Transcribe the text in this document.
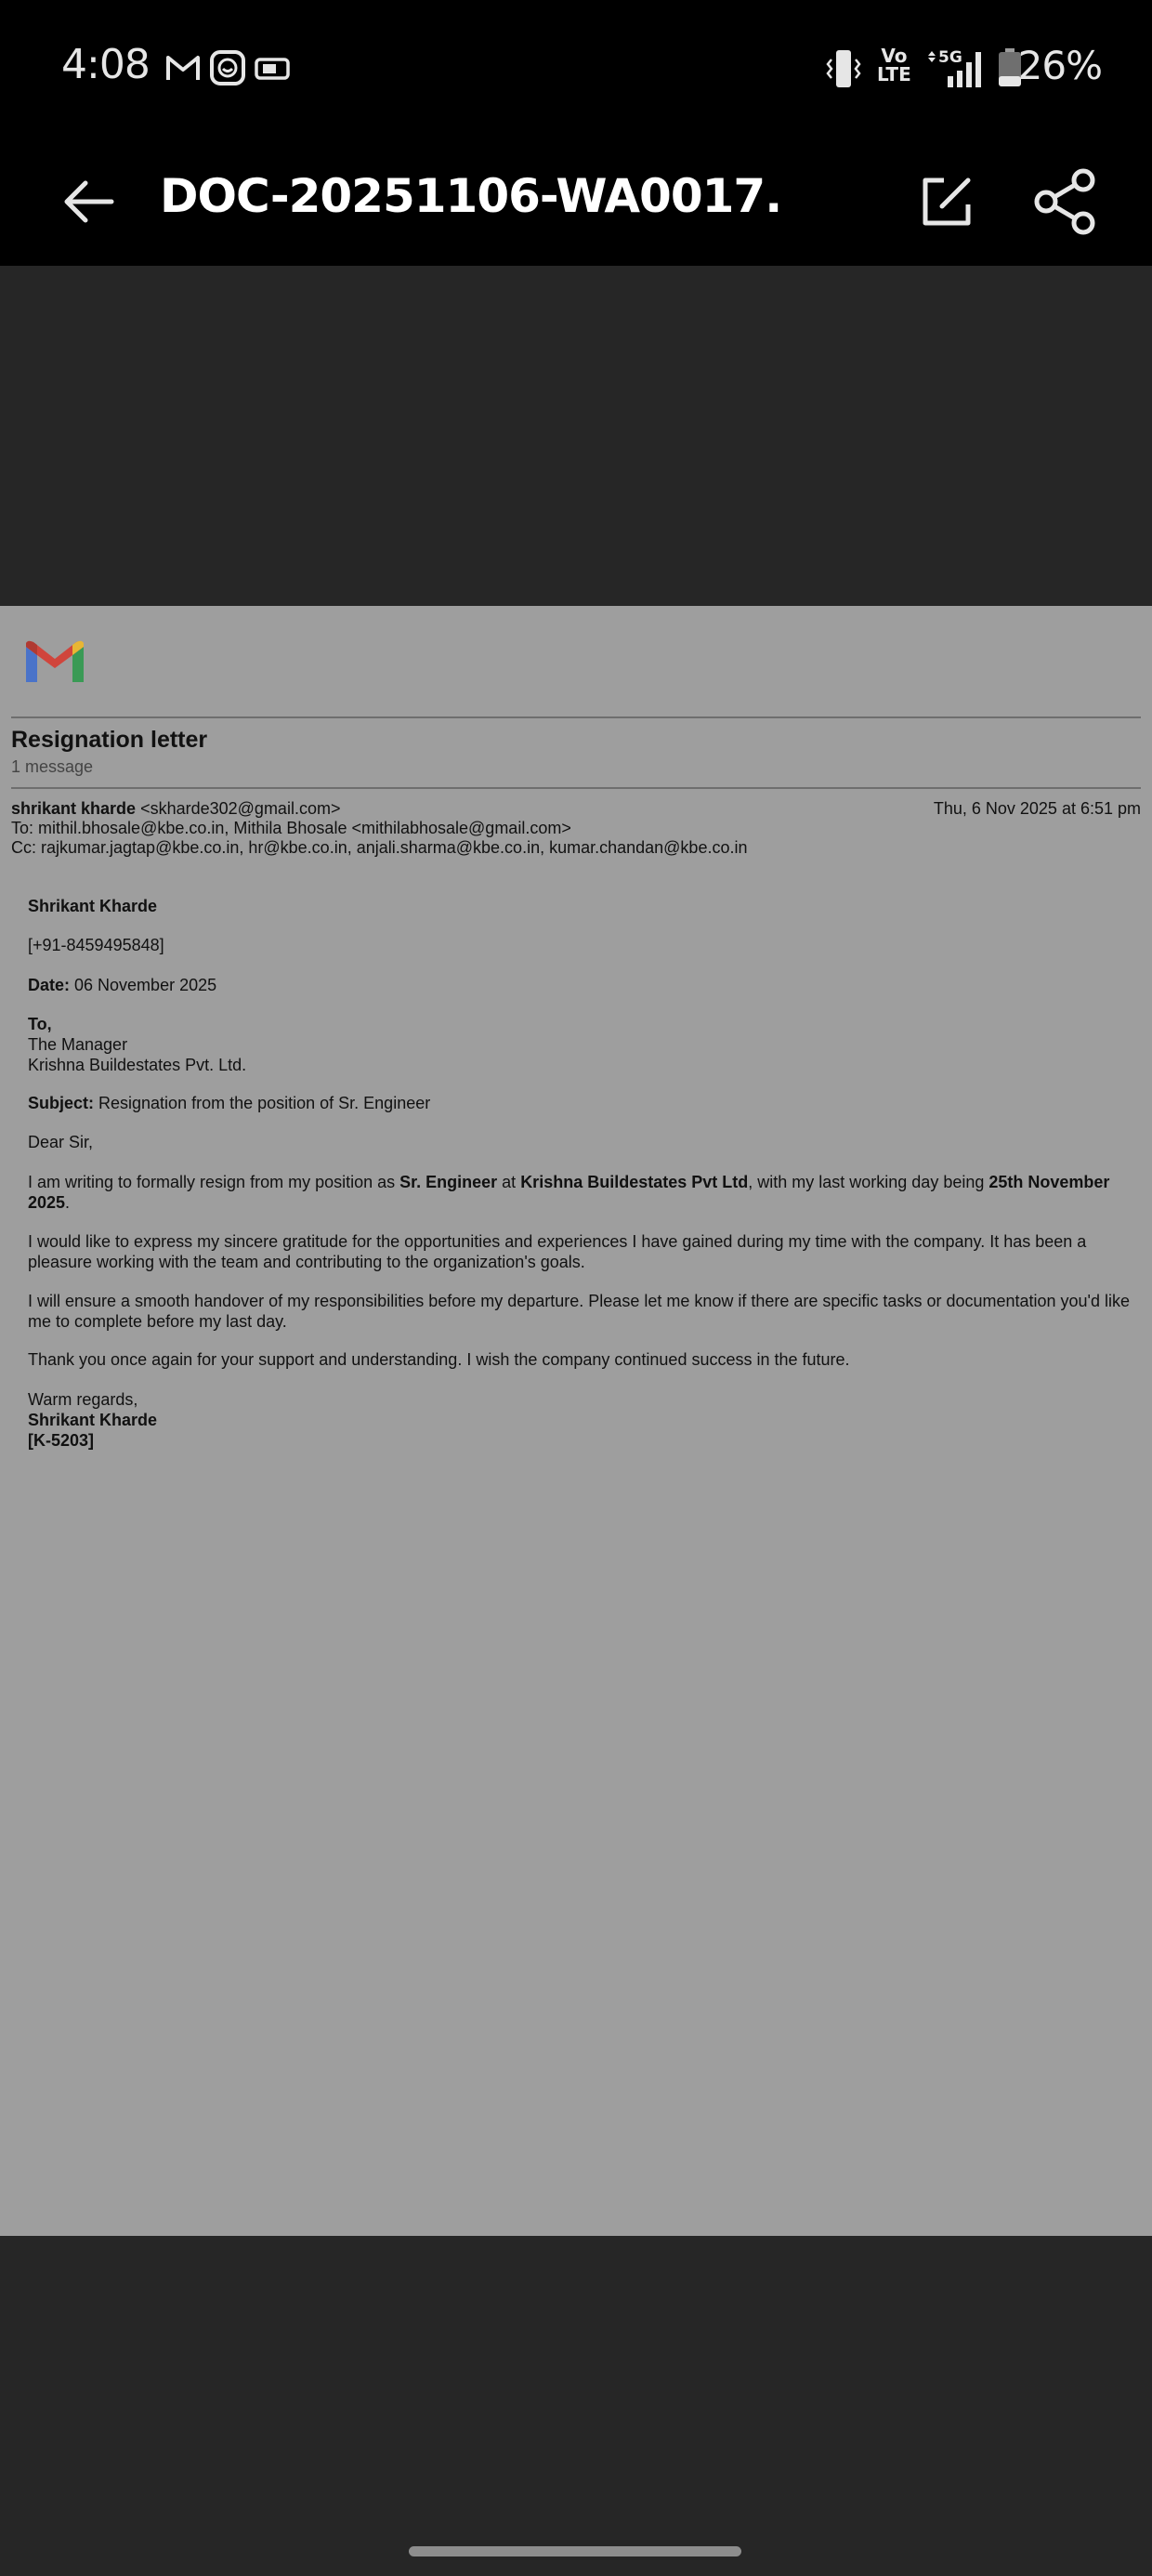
4:08	Vo
LTE
5G 26%
DOC-20251106-WA0017.
Resignation letter
1 message
shrikant kharde <skharde302@gmail.com>	Thu, 6 Nov 2025 at 6:51 pm
To: mithil.bhosale@kbe.co.in, Mithila Bhosale <mithilabhosale@gmail.com>
Cc: rajkumar.jagtap@kbe.co.in, hr@kbe.co.in, anjali.sharma@kbe.co.in, kumar.chandan@kbe.co.in
Shrikant Kharde
[+91-8459495848]
Date: 06 November 2025
To,
The Manager
Krishna Buildestates Pvt. Ltd.
Subject: Resignation from the position of Sr. Engineer
Dear Sir,
I am writing to formally resign from my position as Sr. Engineer at Krishna Buildestates Pvt Ltd, with my last working day being 25th November 2025.
I would like to express my sincere gratitude for the opportunities and experiences I have gained during my time with the company. It has been a pleasure working with the team and contributing to the organization's goals.
I will ensure a smooth handover of my responsibilities before my departure. Please let me know if there are specific tasks or documentation you'd like me to complete before my last day.
Thank you once again for your support and understanding. I wish the company continued success in the future.
Warm regards,
Shrikant Kharde
[K-5203]
